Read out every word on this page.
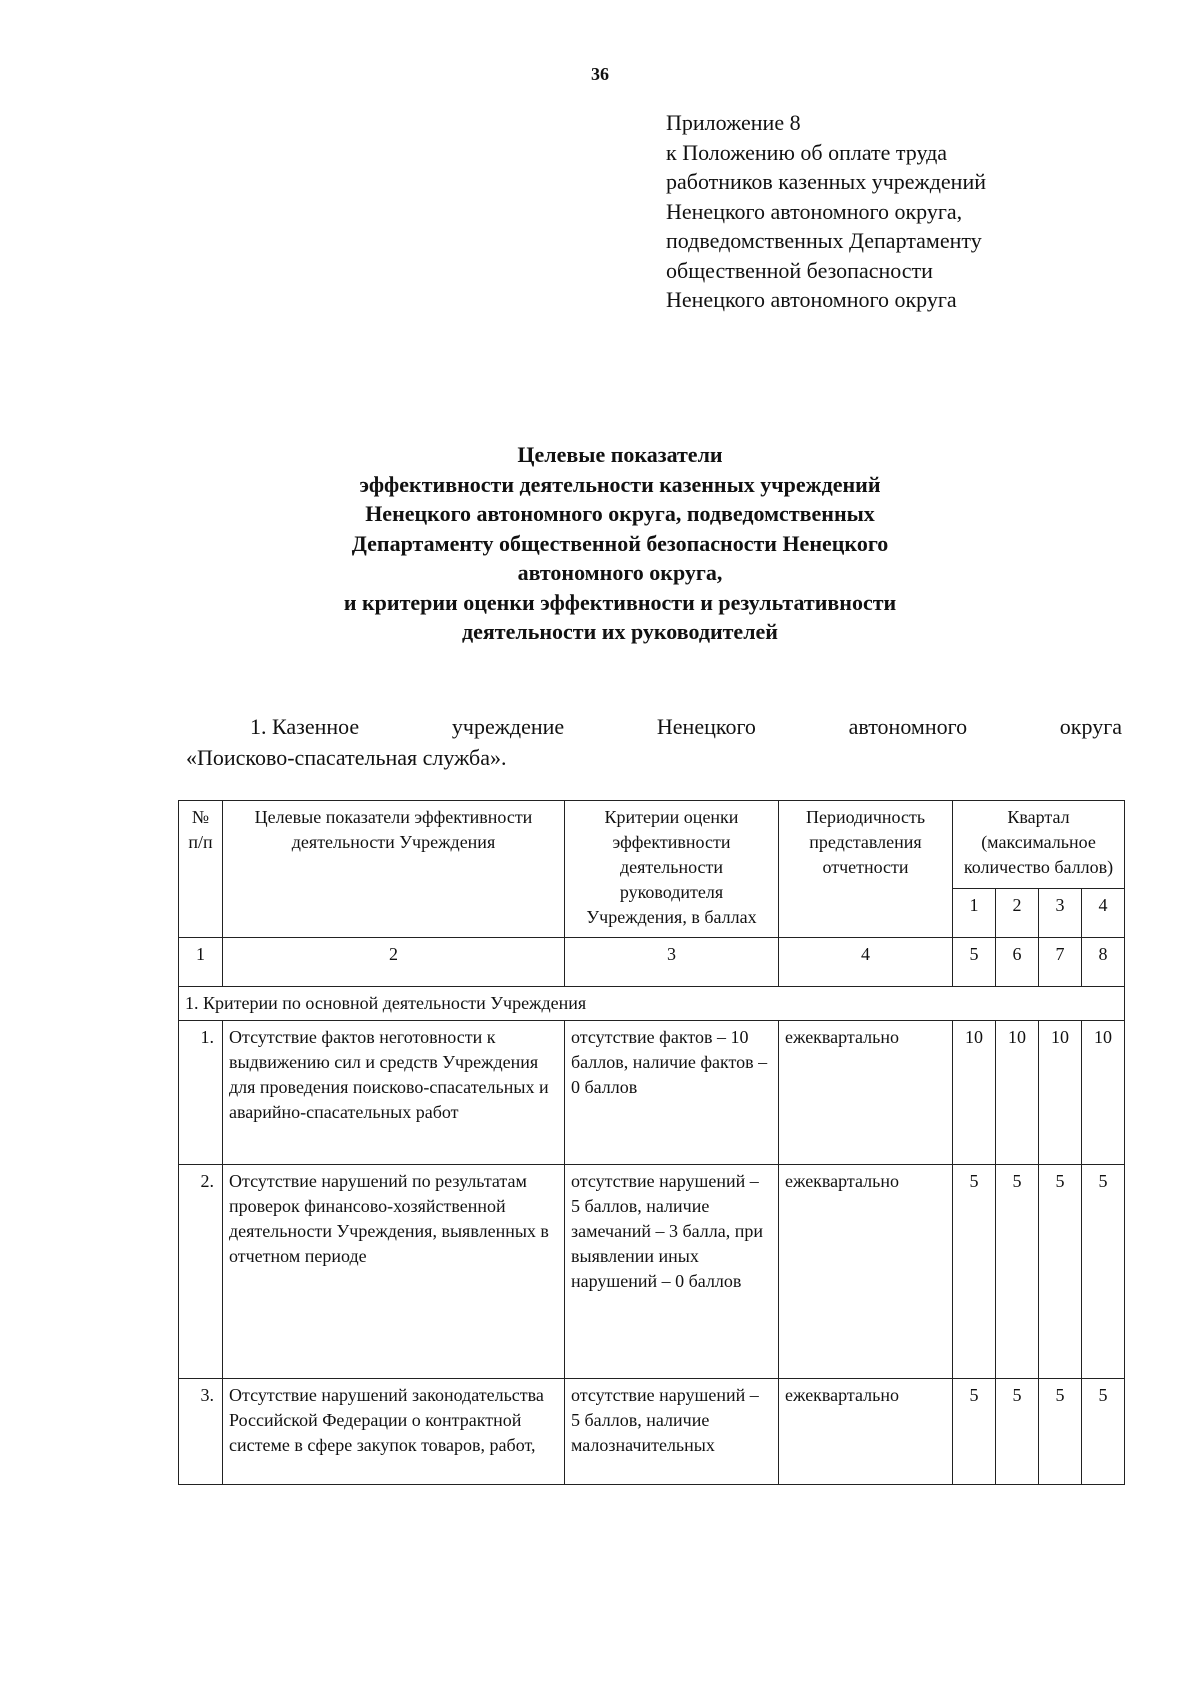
36
Приложение 8
к Положению об оплате труда
работников казенных учреждений
Ненецкого автономного округа,
подведомственных Департаменту
общественной безопасности
Ненецкого автономного округа
Целевые показатели
эффективности деятельности казенных учреждений
Ненецкого автономного округа, подведомственных
Департаменту общественной безопасности Ненецкого
автономного округа,
и критерии оценки эффективности и результативности
деятельности их руководителей
1. Казенное	учреждение	Ненецкого	автономного	округа
«Поисково-спасательная служба».
№ п/п	Целевые показатели эффективности деятельности Учреждения	Критерии оценки эффективности деятельности руководителя Учреждения, в баллах	Периодичность представления отчетности	Квартал (максимальное количество баллов)			
				1	2	3	4
1	2	3	4	5	6	7	8
1. Критерии по основной деятельности Учреждения							
1.	Отсутствие фактов неготовности к выдвижению сил и средств Учреждения для проведения поисково-спасательных и аварийно-спасательных работ	отсутствие фактов – 10 баллов, наличие фактов – 0 баллов	ежеквартально	10	10	10	10
2.	Отсутствие нарушений по результатам проверок финансово-хозяйственной деятельности Учреждения, выявленных в отчетном периоде	отсутствие нарушений – 5 баллов, наличие замечаний – 3 балла, при выявлении иных нарушений – 0 баллов	ежеквартально	5	5	5	5
3.	Отсутствие нарушений законодательства Российской Федерации о контрактной системе в сфере закупок товаров, работ,	отсутствие нарушений – 5 баллов, наличие малозначительных	ежеквартально	5	5	5	5
